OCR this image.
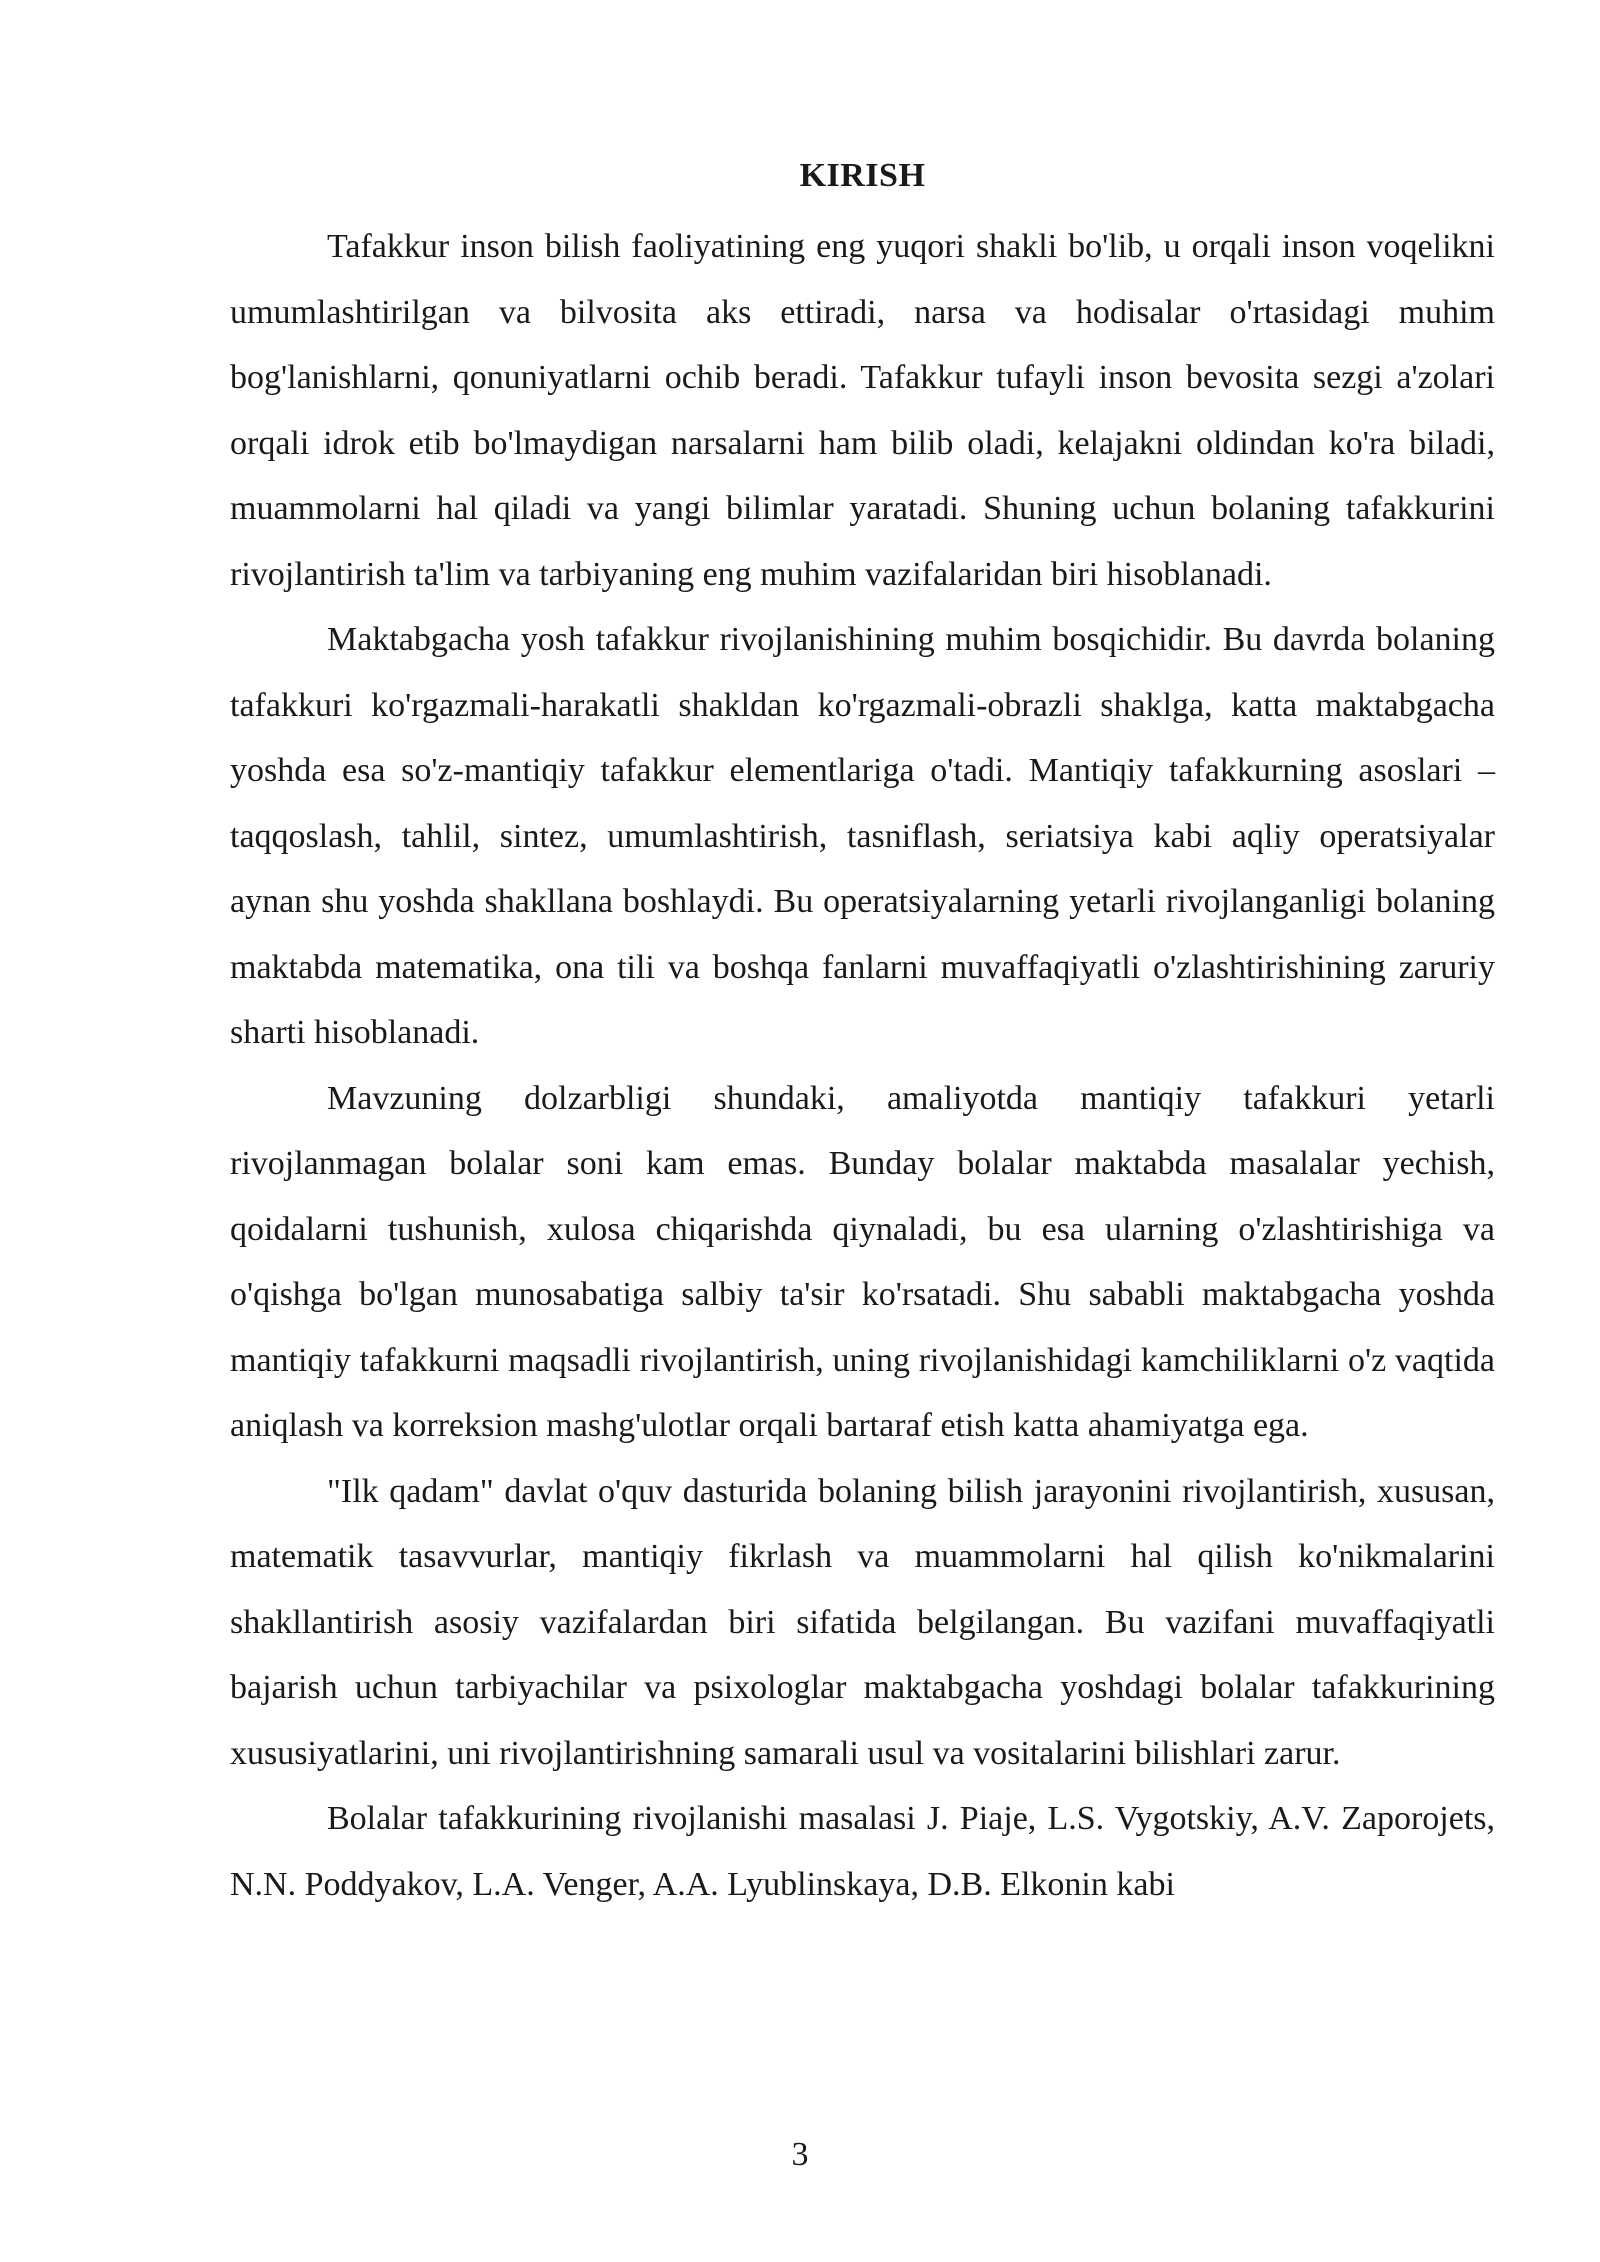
KIRISH

Tafakkur inson bilish faoliyatining eng yuqori shakli bo'lib, u orqali inson voqelikni umumlashtirilgan va bilvosita aks ettiradi, narsa va hodisalar o'rtasidagi muhim bog'lanishlarni, qonuniyatlarni ochib beradi. Tafakkur tufayli inson bevosita sezgi a'zolari orqali idrok etib bo'lmaydigan narsalarni ham bilib oladi, kelajakni oldindan ko'ra biladi, muammolarni hal qiladi va yangi bilimlar yaratadi. Shuning uchun bolaning tafakkurini rivojlantirish ta'lim va tarbiyaning eng muhim vazifalaridan biri hisoblanadi.

Maktabgacha yosh tafakkur rivojlanishining muhim bosqichidir. Bu davrda bolaning tafakkuri ko'rgazmali-harakatli shakldan ko'rgazmali-obrazli shaklga, katta maktabgacha yoshda esa so'z-mantiqiy tafakkur elementlariga o'tadi. Mantiqiy tafakkurning asoslari – taqqoslash, tahlil, sintez, umumlashtirish, tasniflash, seriatsiya kabi aqliy operatsiyalar aynan shu yoshda shakllana boshlaydi. Bu operatsiyalarning yetarli rivojlanganligi bolaning maktabda matematika, ona tili va boshqa fanlarni muvaffaqiyatli o'zlashtirishining zaruriy sharti hisoblanadi.

Mavzuning dolzarbligi shundaki, amaliyotda mantiqiy tafakkuri yetarli rivojlanmagan bolalar soni kam emas. Bunday bolalar maktabda masalalar yechish, qoidalarni tushunish, xulosa chiqarishda qiynaladi, bu esa ularning o'zlashtirishiga va o'qishga bo'lgan munosabatiga salbiy ta'sir ko'rsatadi. Shu sababli maktabgacha yoshda mantiqiy tafakkurni maqsadli rivojlantirish, uning rivojlanishidagi kamchiliklarni o'z vaqtida aniqlash va korreksion mashg'ulotlar orqali bartaraf etish katta ahamiyatga ega.

"Ilk qadam" davlat o'quv dasturida bolaning bilish jarayonini rivojlantirish, xususan, matematik tasavvurlar, mantiqiy fikrlash va muammolarni hal qilish ko'nikmalarini shakllantirish asosiy vazifalardan biri sifatida belgilangan. Bu vazifani muvaffaqiyatli bajarish uchun tarbiyachilar va psixologlar maktabgacha yoshdagi bolalar tafakkurining xususiyatlarini, uni rivojlantirishning samarali usul va vositalarini bilishlari zarur.

Bolalar tafakkurining rivojlanishi masalasi J. Piaje, L.S. Vygotskiy, A.V. Zaporojets, N.N. Poddyakov, L.A. Venger, A.A. Lyublinskaya, D.B. Elkonin kabi

3
